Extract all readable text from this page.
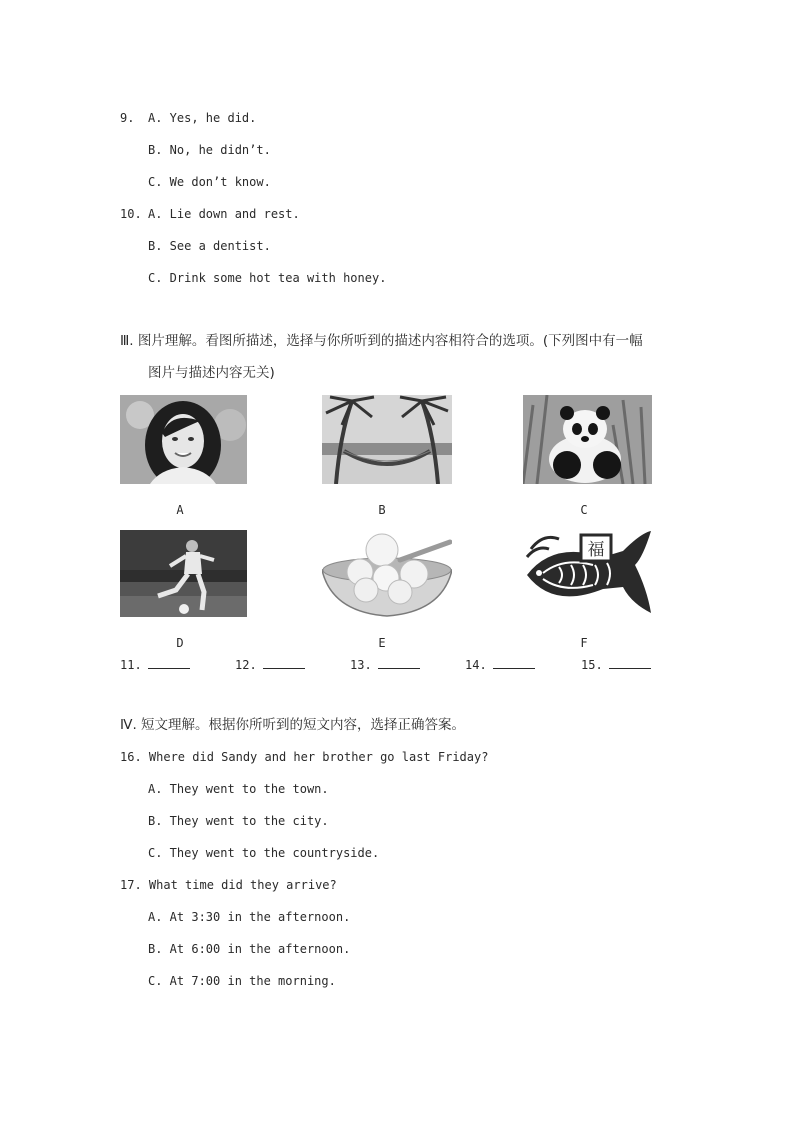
9. A. Yes, he did.
B. No, he didn’t.
C. We don’t know.
10. A. Lie down and rest.
B. See a dentist.
C. Drink some hot tea with honey.
Ⅲ. 图片理解。看图所描述，选择与你所听到的描述内容相符合的选项。(下列图中有一幅
图片与描述内容无关)
A	B	C
D	E
福
F
11.	12.	13.	14.	15.
Ⅳ. 短文理解。根据你所听到的短文内容，选择正确答案。
16. Where did Sandy and her brother go last Friday?
A. They went to the town.
B. They went to the city.
C. They went to the countryside.
17. What time did they arrive?
A. At 3:30 in the afternoon.
B. At 6:00 in the afternoon.
C. At 7:00 in the morning.
